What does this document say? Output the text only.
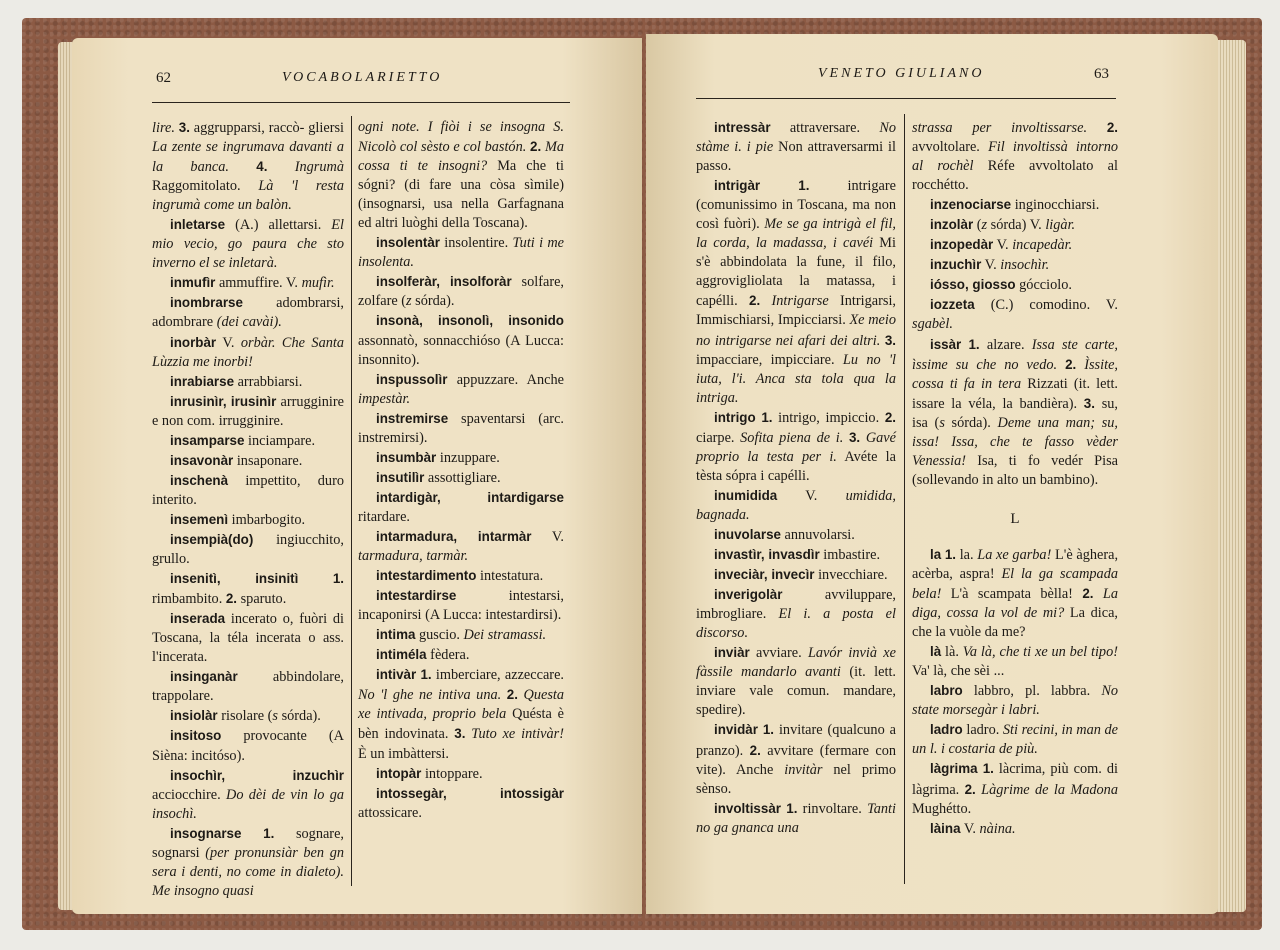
62	VOCABOLARIETTO

lire. 3. aggrupparsi, raccò- gliersi La zente se ingrumava davanti a la banca. 4. Ingrumà Raggomitolato. Là 'l resta ingrumà come un balòn.

inletarse (A.) allettarsi. El mio vecio, go paura che sto inverno el se inletarà.

inmufìr ammuffire. V. mufìr.

inombrarse adombrarsi, adombrare (dei cavài).

inorbàr V. orbàr. Che Santa Lùzzia me inorbi!

inrabiarse arrabbiarsi.

inrusinìr, irusinìr arrugginire e non com. irrugginire.

insamparse inciampare.

insavonàr insaponare.

inschenà impettito, duro interito.

insemenì imbarbogito.

insempià(do) ingiucchito, grullo.

insenitì, insinitì	1. rimbambito. 2. sparuto.

inserada incerato o, fuòri di Toscana, la téla incerata o ass. l'incerata.

insinganàr abbindolare, trappolare.

insiolàr risolare (s sórda).

insitoso provocante (A Sièna: incitóso).

insochìr, inzuchìr acciocchire. Do dèi de vin lo ga insochì.

insognarse 1. sognare, sognarsi (per pronunsiàr ben gn sera i denti, no come in dialeto). Me insogno quasi

ogni note. I fiòi i se insogna S. Nicolò col sèsto e col bastón. 2. Ma cossa ti te insogni? Ma che ti sógni? (di fare una còsa sìmile) (insognarsi, usa nella Garfagnana ed altri luòghi della Toscana).

insolentàr insolentire. Tuti i me insolenta.

insolferàr, insolforàr solfare, zolfare (z sórda).

insonà, insonolì, insonido assonnatò, sonnacchióso (A Lucca: insonnito).

inspussolìr appuzzare. Anche impestàr.

instremirse spaventarsi (arc. instremirsi).

insumbàr inzuppare.

insutilìr assottigliare.

intardigàr, intardigarse ritardare.

intarmadura, intarmàr V. tarmadura, tarmàr.

intestardimento intestatura.

intestardirse intestarsi, incaponirsi (A Lucca: intestardirsi).

intima guscio. Dei stramassi.

intiméla fèdera.

intivàr 1. imberciare, azzeccare. No 'l ghe ne intiva una. 2. Questa xe intivada, proprio bela Quésta è bèn indovinata. 3. Tuto xe intivàr! È un imbàttersi.

intopàr intoppare.

intossegàr, intossigàr attossicare.

VENETO GIULIANO	63

intressàr attraversare. No stàme i. i pie Non attraversarmi il passo.

intrigàr	1. intrigare (comunissimo in Toscana, ma non così fuòri). Me se ga intrigà el fil, la corda, la madassa, i cavéi Mi s'è abbindolata la fune, il filo, aggrovigliolata la matassa, i capélli. 2. Intrigarse Intrigarsi, Immischiarsi, Impicciarsi. Xe meio no intrigarse nei afari dei altri. 3. impacciare, impicciare. Lu no 'l iuta, l'i. Anca sta tola qua la intriga.

intrigo 1. intrigo, impiccio. 2. ciarpe. Sofita piena de i. 3. Gavé proprio la testa per i. Avéte la tèsta sópra i capélli.

inumidida V. umidida, bagnada.

inuvolarse annuvolarsi.

invastìr, invasdìr imbastire.

inveciàr, invecìr invecchiare.

inverigolàr avviluppare, imbrogliare. El i. a posta el discorso.

inviàr avviare. Lavór invià xe fàssile mandarlo avanti (it. lett. inviare vale comun. mandare, spedire).

invidàr 1. invitare (qualcuno a pranzo). 2. avvitare (fermare con vite). Anche invitàr nel primo sènso.

involtissàr 1. rinvoltare. Tanti no ga gnanca una

strassa per involtissarse. 2. avvoltolare. Fil involtissà intorno al rochèl Réfe avvoltolato al rocchétto.

inzenociarse inginocchiarsi.

inzolàr (z sórda) V. ligàr.

inzopedàr V. incapedàr.

inzuchìr V. insochìr.

iósso, giosso gócciolo.

iozzeta (C.) comodino. V. sgabèl.

issàr 1. alzare. Issa ste carte, ìssime su che no vedo. 2. Ìssite, cossa ti fa in tera Rizzati (it. lett. issare la véla, la bandièra). 3. su, isa (s sórda). Deme una man; su, issa! Issa, che te fasso vèder Venessia! Isa, ti fo vedér Pisa (sollevando in alto un bambino).

L

la 1. la. La xe garba! L'è àghera, acèrba, aspra! El la ga scampada bela! L'à scampata bèlla! 2. La diga, cossa la vol de mi? La dica, che la vuòle da me?

là là. Va là, che ti xe un bel tipo! Va' là, che sèi ...

labro labbro, pl. labbra. No state morsegàr i labri.

ladro ladro. Sti recini, in man de un l. i costaria de più.

làgrima 1. làcrima, più com. di làgrima. 2. Làgrime de la Madona Mughétto.

làina V. nàina.
